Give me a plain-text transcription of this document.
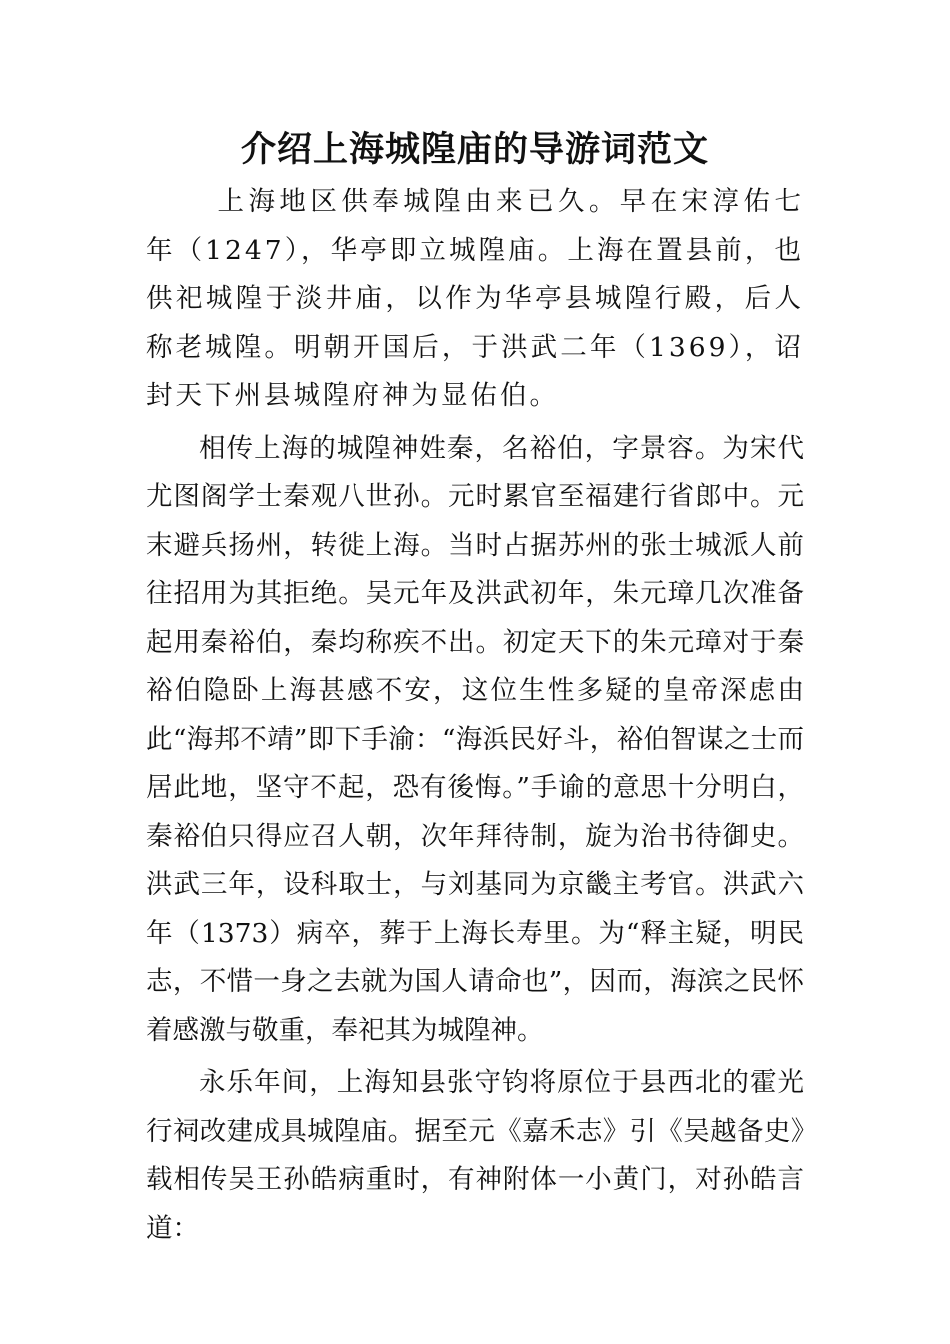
介绍上海城隍庙的导游词范文

上海地区供奉城隍由来已久。早在宋淳佑七年（1247），华亭即立城隍庙。上海在置县前，也供祀城隍于淡井庙，以作为华亭县城隍行殿，后人称老城隍。明朝开国后，于洪武二年（1369），诏封天下州县城隍府神为显佑伯。

相传上海的城隍神姓秦，名裕伯，字景容。为宋代尤图阁学士秦观八世孙。元时累官至福建行省郎中。元末避兵扬州，转徙上海。当时占据苏州的张士城派人前往招用为其拒绝。吴元年及洪武初年，朱元璋几次准备起用秦裕伯，秦均称疾不出。初定天下的朱元璋对于秦裕伯隐卧上海甚感不安，这位生性多疑的皇帝深虑由此“海邦不靖”即下手渝：“海浜民好斗，裕伯智谋之士而居此地，坚守不起，恐有後悔。”手谕的意思十分明白，秦裕伯只得应召人朝，次年拜待制，旋为治书待御史。洪武三年，设科取士，与刘基同为京畿主考官。洪武六年（1373）病卒，葬于上海长寿里。为“释主疑，明民志，不惜一身之去就为国人请命也”，因而，海滨之民怀着感激与敬重，奉祀其为城隍神。

永乐年间，上海知县张守钧将原位于县西北的霍光行祠改建成具城隍庙。据至元《嘉禾志》引《吴越备史》载相传吴王孙皓病重时，有神附体一小黄门，对孙皓言道：
